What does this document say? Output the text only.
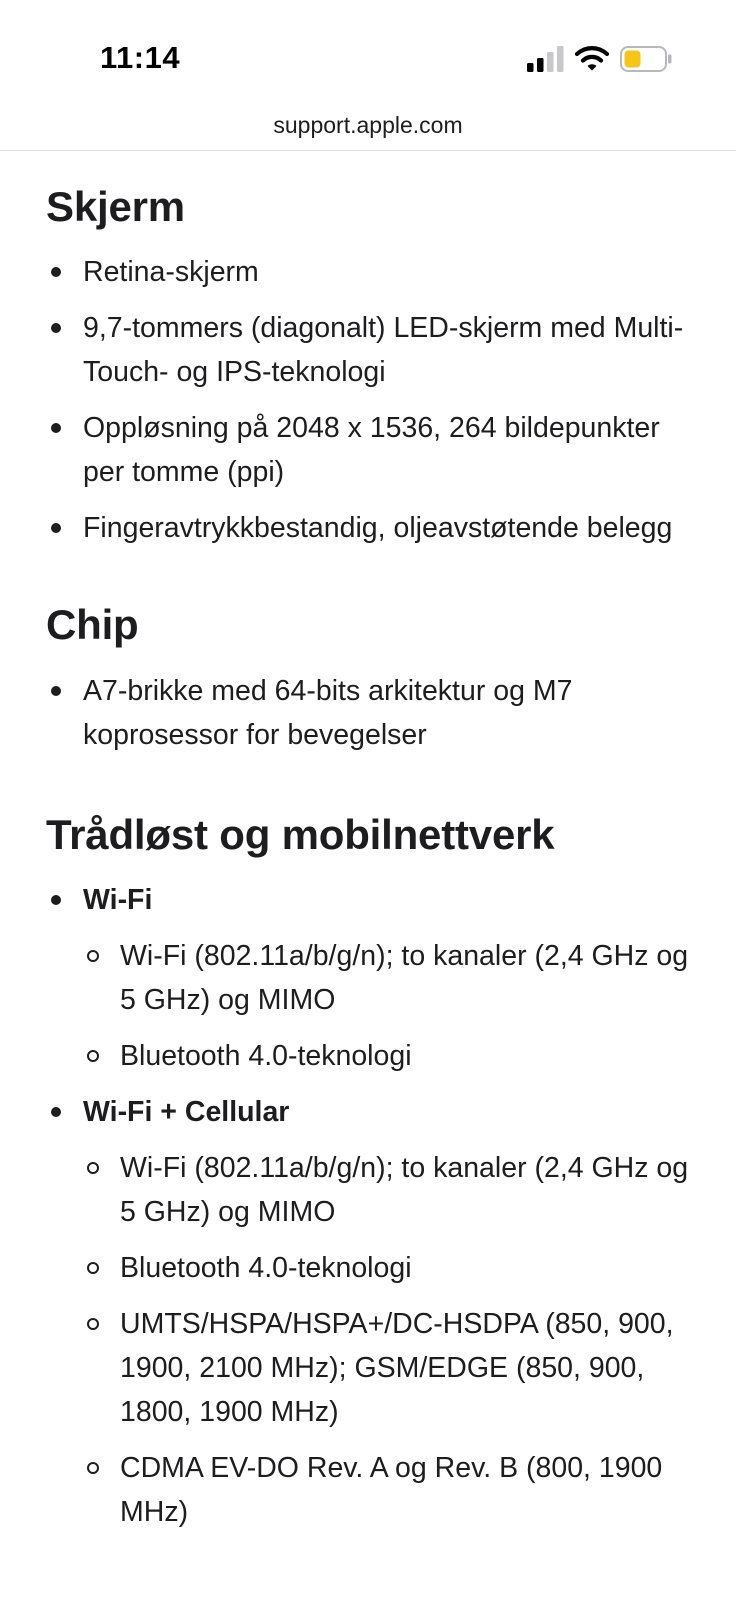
11:14
support.apple.com
Skjerm
Retina-skjerm
9,7-tommers (diagonalt) LED-skjerm med Multi-Touch- og IPS-teknologi
Oppløsning på 2048 x 1536, 264 bildepunkter per tomme (ppi)
Fingeravtrykkbestandig, oljeavstøtende belegg
Chip
A7-brikke med 64-bits arkitektur og M7 koprosessor for bevegelser
Trådløst og mobilnettverk
Wi-Fi
Wi-Fi (802.11a/b/g/n); to kanaler (2,4 GHz og 5 GHz) og MIMO
Bluetooth 4.0-teknologi
Wi-Fi + Cellular
Wi-Fi (802.11a/b/g/n); to kanaler (2,4 GHz og 5 GHz) og MIMO
Bluetooth 4.0-teknologi
UMTS/HSPA/HSPA+/DC-HSDPA (850, 900, 1900, 2100 MHz); GSM/EDGE (850, 900, 1800, 1900 MHz)
CDMA EV-DO Rev. A og Rev. B (800, 1900 MHz)
